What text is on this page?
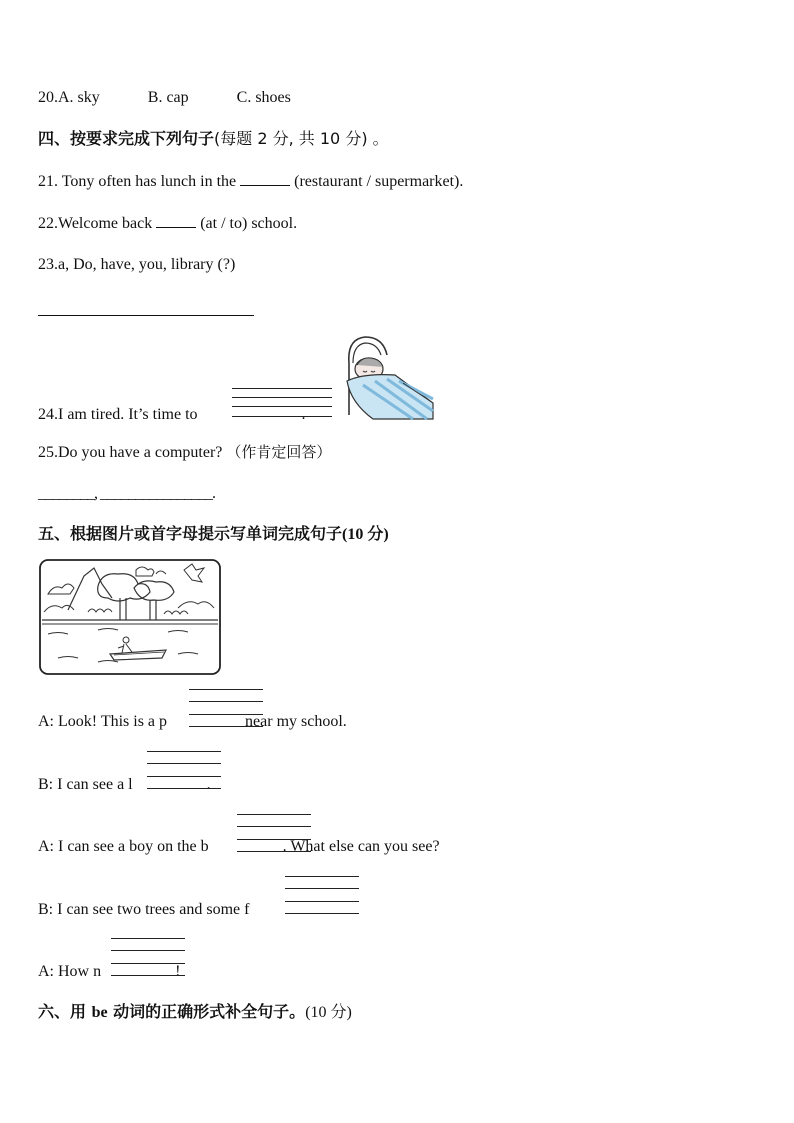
20.A. sky	B. cap	C. shoes
四、按要求完成下列句子(每题 2 分, 共 10 分) 。
21. Tony often has lunch in the	(restaurant / supermarket).
22.Welcome back	(at / to) school.
23.a, Do, have, you, library (?)
24.I am tired. It’s time to	.
25.Do you have a computer? （作肯定回答）
________, ________________.
五、根据图片或首字母提示写单词完成句子(10 分)
A: Look! This is a p	near my school.
B: I can see a l	.
A: I can see a boy on the b	. What else can you see?
B: I can see two trees and some f
A: How n	!
六、用 be 动词的正确形式补全句子。(10 分)
